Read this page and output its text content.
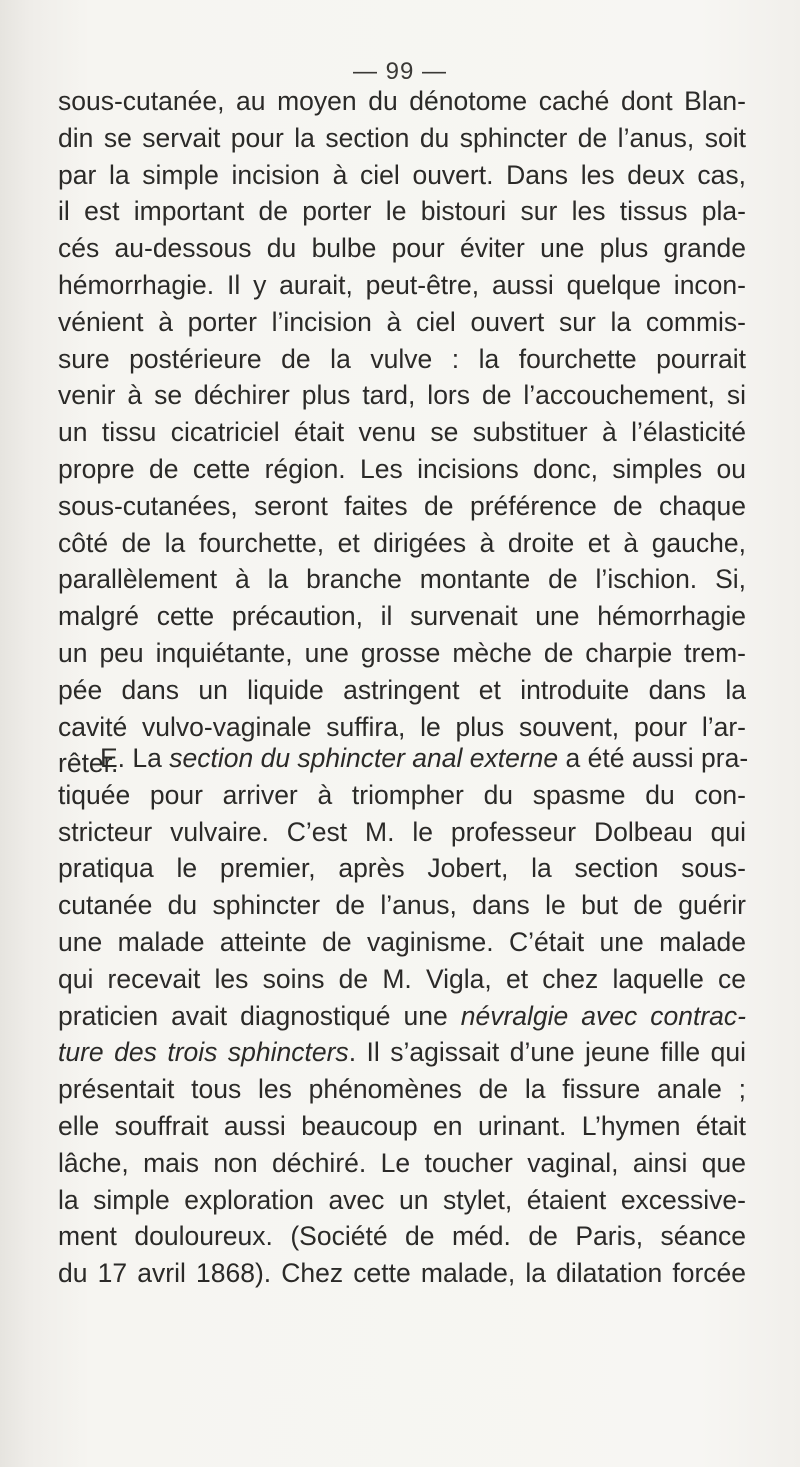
— 99 —
sous-cutanée, au moyen du dénotome caché dont Blan-
din se servait pour la section du sphincter de l’anus, soit
par la simple incision à ciel ouvert. Dans les deux cas,
il est important de porter le bistouri sur les tissus pla-
cés au-dessous du bulbe pour éviter une plus grande
hémorrhagie. Il y aurait, peut-être, aussi quelque incon-
vénient à porter l’incision à ciel ouvert sur la commis-
sure postérieure de la vulve : la fourchette pourrait
venir à se déchirer plus tard, lors de l’accouchement, si
un tissu cicatriciel était venu se substituer à l’élasticité
propre de cette région. Les incisions donc, simples ou
sous-cutanées, seront faites de préférence de chaque
côté de la fourchette, et dirigées à droite et à gauche,
parallèlement à la branche montante de l’ischion. Si,
malgré cette précaution, il survenait une hémorrhagie
un peu inquiétante, une grosse mèche de charpie trem-
pée dans un liquide astringent et introduite dans la
cavité vulvo-vaginale suffira, le plus souvent, pour l’ar-
rêter.
E. La section du sphincter anal externe a été aussi pra-
tiquée pour arriver à triompher du spasme du con-
stricteur vulvaire. C’est M. le professeur Dolbeau qui
pratiqua le premier, après Jobert, la section sous-
cutanée du sphincter de l’anus, dans le but de guérir
une malade atteinte de vaginisme. C’était une malade
qui recevait les soins de M. Vigla, et chez laquelle ce
praticien avait diagnostiqué une névralgie avec contrac-
ture des trois sphincters. Il s’agissait d’une jeune fille qui
présentait tous les phénomènes de la fissure anale ;
elle souffrait aussi beaucoup en urinant. L’hymen était
lâche, mais non déchiré. Le toucher vaginal, ainsi que
la simple exploration avec un stylet, étaient excessive-
ment douloureux. (Société de méd. de Paris, séance
du 17 avril 1868). Chez cette malade, la dilatation forcée
